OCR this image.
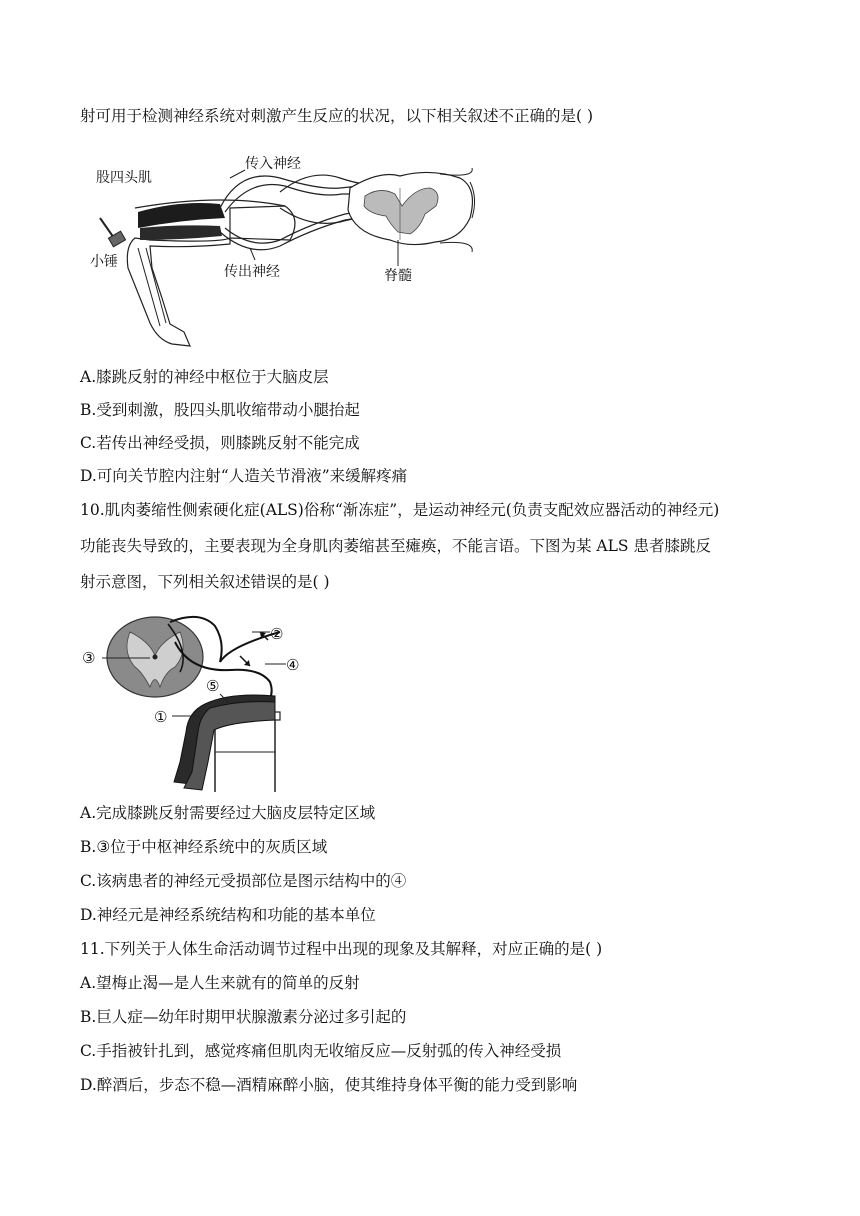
射可用于检测神经系统对刺激产生反应的状况，以下相关叙述不正确的是( )
股四头肌
传入神经
小锤
传出神经	脊髓
A.膝跳反射的神经中枢位于大脑皮层
B.受到刺激，股四头肌收缩带动小腿抬起
C.若传出神经受损，则膝跳反射不能完成
D.可向关节腔内注射“人造关节滑液”来缓解疼痛
10.肌肉萎缩性侧索硬化症(ALS)俗称“渐冻症”，是运动神经元(负责支配效应器活动的神经元)
功能丧失导致的，主要表现为全身肌肉萎缩甚至瘫痪，不能言语。下图为某 ALS 患者膝跳反
射示意图，下列相关叙述错误的是( )
③
②
④
⑤
①
A.完成膝跳反射需要经过大脑皮层特定区域
B.③位于中枢神经系统中的灰质区域
C.该病患者的神经元受损部位是图示结构中的④
D.神经元是神经系统结构和功能的基本单位
11.下列关于人体生命活动调节过程中出现的现象及其解释，对应正确的是( )
A.望梅止渴—是人生来就有的简单的反射
B.巨人症—幼年时期甲状腺激素分泌过多引起的
C.手指被针扎到，感觉疼痛但肌肉无收缩反应—反射弧的传入神经受损
D.醉酒后，步态不稳—酒精麻醉小脑，使其维持身体平衡的能力受到影响
